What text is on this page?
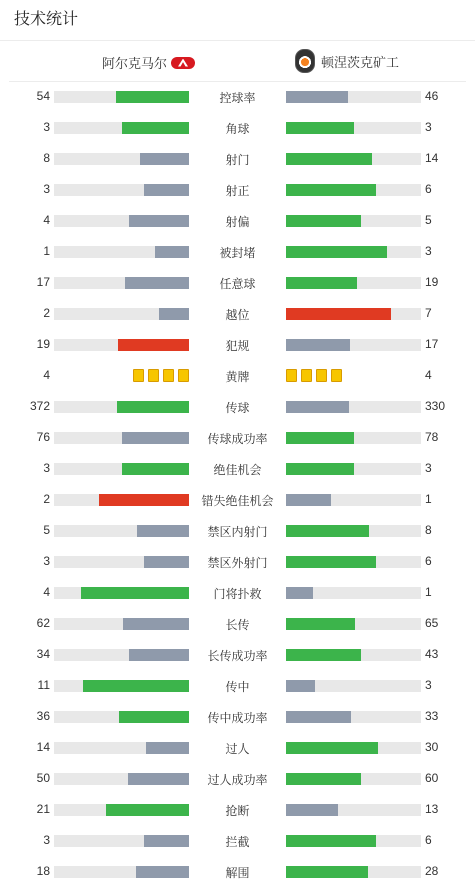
技术统计
阿尔克马尔	顿涅茨克矿工
54	控球率	46
3	角球	3
8	射门	14
3	射正	6
4	射偏	5
1	被封堵	3
17	任意球	19
2	越位	7
19	犯规	17
4	黄牌	4
372	传球	330
76	传球成功率	78
3	绝佳机会	3
2	错失绝佳机会	1
5	禁区内射门	8
3	禁区外射门	6
4	门将扑救	1
62	长传	65
34	长传成功率	43
11	传中	3
36	传中成功率	33
14	过人	30
50	过人成功率	60
21	抢断	13
3	拦截	6
18	解围	28
